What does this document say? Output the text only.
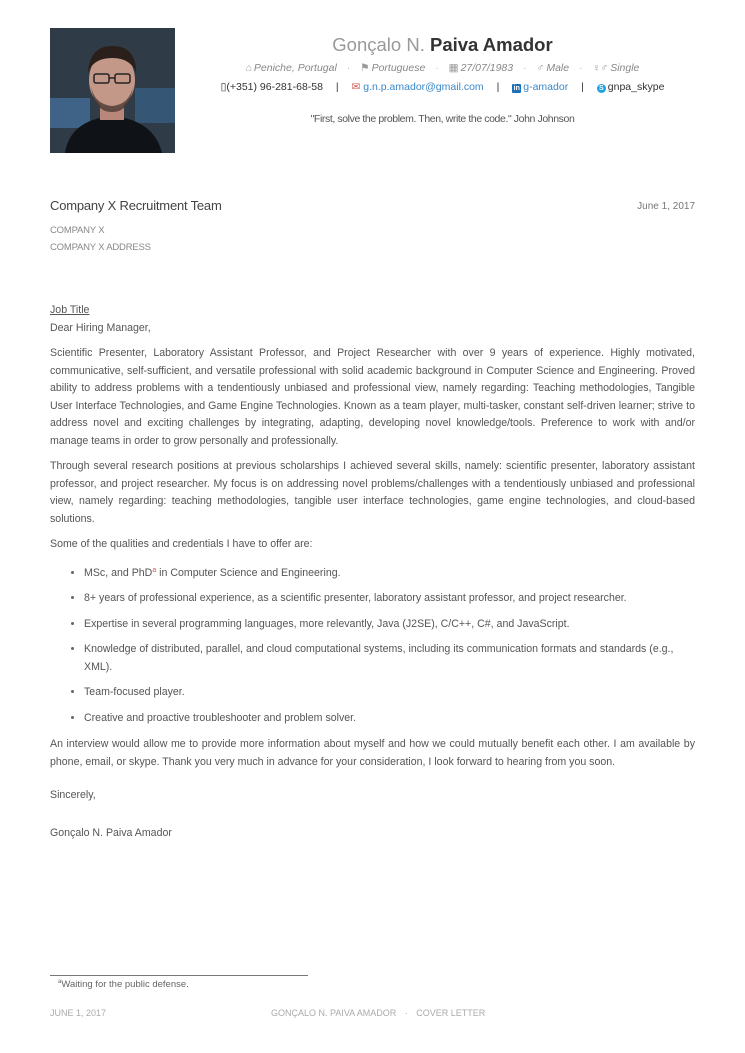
Gonçalo N. Paiva Amador
⌂ Peniche, Portugal · ⚑ Portuguese · ▦ 27/07/1983 · ♂ Male · ♀♂ Single
▯(+351) 96-281-68-58 | ✉ g.n.p.amador@gmail.com | in g-amador | S gnpa_skype
"First, solve the problem. Then, write the code." John Johnson
Company X Recruitment Team	June 1, 2017
COMPANY X
COMPANY X ADDRESS

Job Title

Dear Hiring Manager,

Scientific Presenter, Laboratory Assistant Professor, and Project Researcher with over 9 years of experience. Highly motivated, communicative, self-sufficient, and versatile professional with solid academic background in Computer Science and Engineering. Proved ability to address problems with a tendentiously unbiased and professional view, namely regarding: Teaching methodologies, Tangible User Interface Technologies, and Game Engine Technologies. Known as a team player, multi-tasker, constant self-driven learner; strive to address novel and exciting challenges by integrating, adapting, developing novel knowledge/tools. Preference to work with and/or manage teams in order to grow personally and professionally.

Through several research positions at previous scholarships I achieved several skills, namely: scientific presenter, laboratory assistant professor, and project researcher. My focus is on addressing novel problems/challenges with a tendentiously unbiased and professional view, namely regarding: teaching methodologies, tangible user interface technologies, game engine technologies, and cloud-based solutions.

Some of the qualities and credentials I have to offer are:

• MSc, and PhD$^a$ in Computer Science and Engineering.
• 8+ years of professional experience, as a scientific presenter, laboratory assistant professor, and project researcher.
• Expertise in several programming languages, more relevantly, Java (J2SE), C/C++, C#, and JavaScript.
• Knowledge of distributed, parallel, and cloud computational systems, including its communication formats and standards (e.g., XML).
• Team-focused player.
• Creative and proactive troubleshooter and problem solver.

An interview would allow me to provide more information about myself and how we could mutually benefit each other. I am available by phone, email, or skype. Thank you very much in advance for your consideration, I look forward to hearing from you soon.

Sincerely,

Gonçalo N. Paiva Amador

$^a$Waiting for the public defense.
JUNE 1, 2017	GONÇALO N. PAIVA AMADOR · COVER LETTER
